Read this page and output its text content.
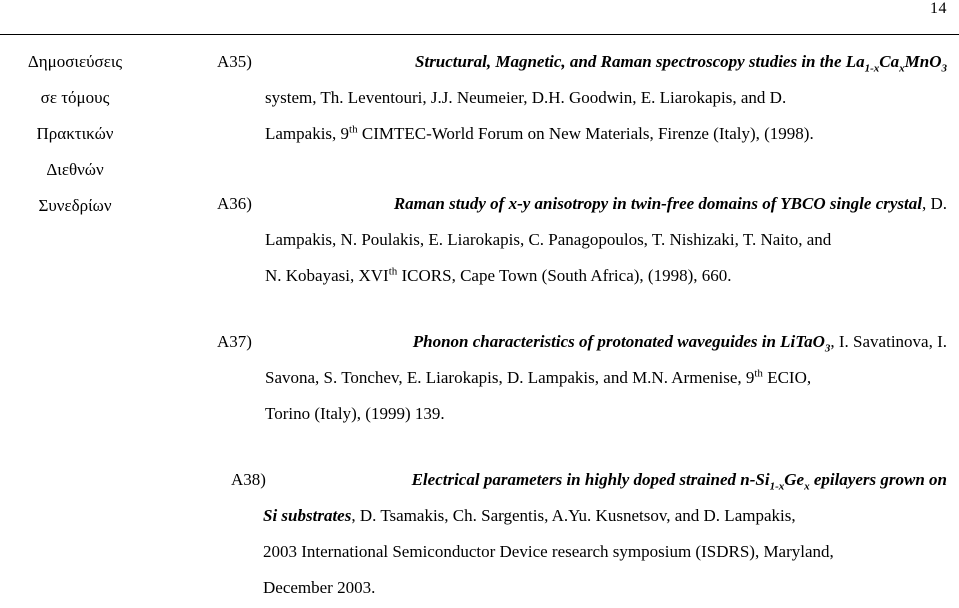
14
Δημοσιεύσεις
σε τόμους
Πρακτικών
Διεθνών
Συνεδρίων
A35)	Structural, Magnetic, and Raman spectroscopy studies in the $La_{1-x}Ca_xMnO_3$
system, Th. Leventouri, J.J. Neumeier, D.H. Goodwin, E. Liarokapis, and D.
Lampakis, 9th CIMTEC-World Forum on New Materials, Firenze (Italy), (1998).
A36)	Raman study of x-y anisotropy in twin-free domains of YBCO single crystal, D.
Lampakis, N. Poulakis, E. Liarokapis, C. Panagopoulos, T. Nishizaki, T. Naito, and
N. Kobayasi, XVIth ICORS, Cape Town (South Africa), (1998), 660.
A37)	Phonon characteristics of protonated waveguides in LiTaO$_3$, I. Savatinova, I.
Savona, S. Tonchev, E. Liarokapis, D. Lampakis, and M.N. Armenise, 9th ECIO,
Torino (Italy), (1999) 139.
A38)	Electrical parameters in highly doped strained $n-Si_{1-x}Ge_x$ epilayers grown on
Si substrates, D. Tsamakis, Ch. Sargentis, A.Yu. Kusnetsov, and D. Lampakis,
2003 International Semiconductor Device research symposium (ISDRS), Maryland,
December 2003.
